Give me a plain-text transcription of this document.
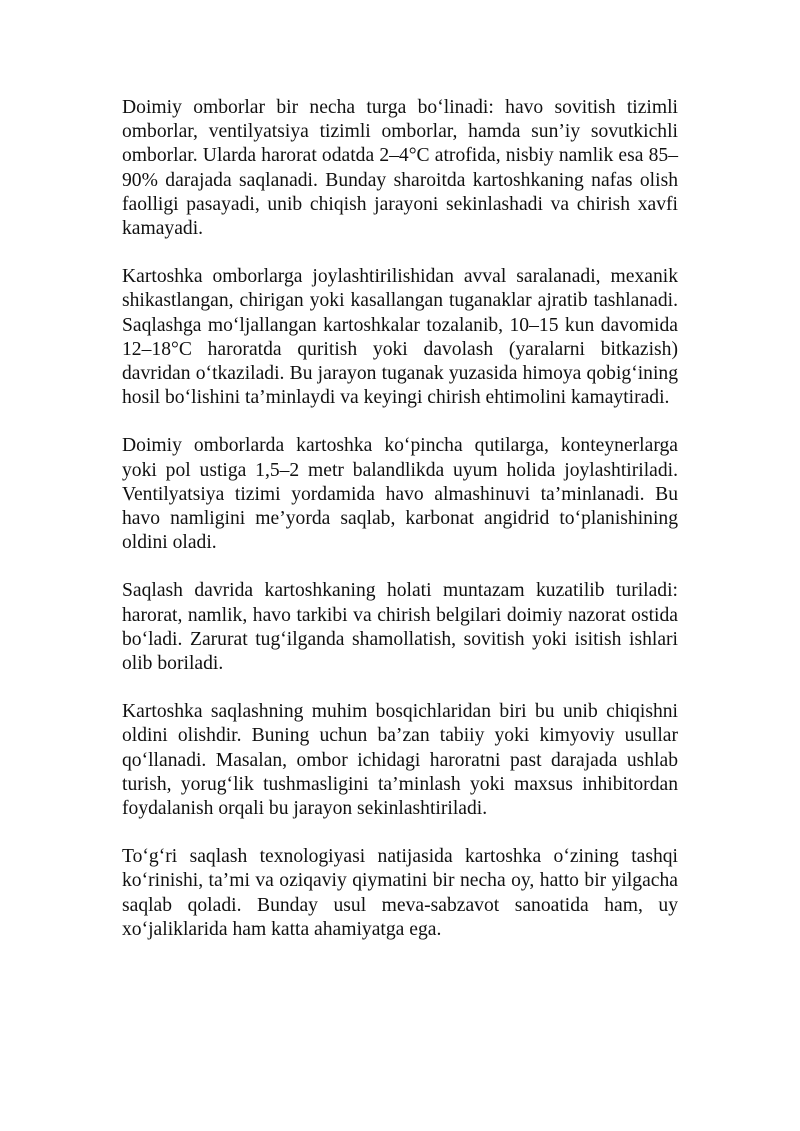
Doimiy omborlar bir necha turga bo‘linadi: havo sovitish tizimli omborlar, ventilyatsiya tizimli omborlar, hamda sun’iy sovutkichli omborlar. Ularda harorat odatda 2–4°C atrofida, nisbiy namlik esa 85–90% darajada saqlanadi. Bunday sharoitda kartoshkaning nafas olish faolligi pasayadi, unib chiqish jarayoni sekinlashadi va chirish xavfi kamayadi.

Kartoshka omborlarga joylashtirilishidan avval saralanadi, mexanik shikastlangan, chirigan yoki kasallangan tuganaklar ajratib tashlanadi. Saqlashga mo‘ljallangan kartoshkalar tozalanib, 10–15 kun davomida 12–18°C haroratda quritish yoki davolash (yaralarni bitkazish) davridan o‘tkaziladi. Bu jarayon tuganak yuzasida himoya qobig‘ining hosil bo‘lishini ta’minlaydi va keyingi chirish ehtimolini kamaytiradi.

Doimiy omborlarda kartoshka ko‘pincha qutilarga, konteynerlarga yoki pol ustiga 1,5–2 metr balandlikda uyum holida joylashtiriladi. Ventilyatsiya tizimi yordamida havo almashinuvi ta’minlanadi. Bu havo namligini me’yorda saqlab, karbonat angidrid to‘planishining oldini oladi.

Saqlash davrida kartoshkaning holati muntazam kuzatilib turiladi: harorat, namlik, havo tarkibi va chirish belgilari doimiy nazorat ostida bo‘ladi. Zarurat tug‘ilganda shamollatish, sovitish yoki isitish ishlari olib boriladi.

Kartoshka saqlashning muhim bosqichlaridan biri bu unib chiqishni oldini olishdir. Buning uchun ba’zan tabiiy yoki kimyoviy usullar qo‘llanadi. Masalan, ombor ichidagi haroratni past darajada ushlab turish, yorug‘lik tushmasligini ta’minlash yoki maxsus inhibitordan foydalanish orqali bu jarayon sekinlashtiriladi.

To‘g‘ri saqlash texnologiyasi natijasida kartoshka o‘zining tashqi ko‘rinishi, ta’mi va oziqaviy qiymatini bir necha oy, hatto bir yilgacha saqlab qoladi. Bunday usul meva-sabzavot sanoatida ham, uy xo‘jaliklarida ham katta ahamiyatga ega.
